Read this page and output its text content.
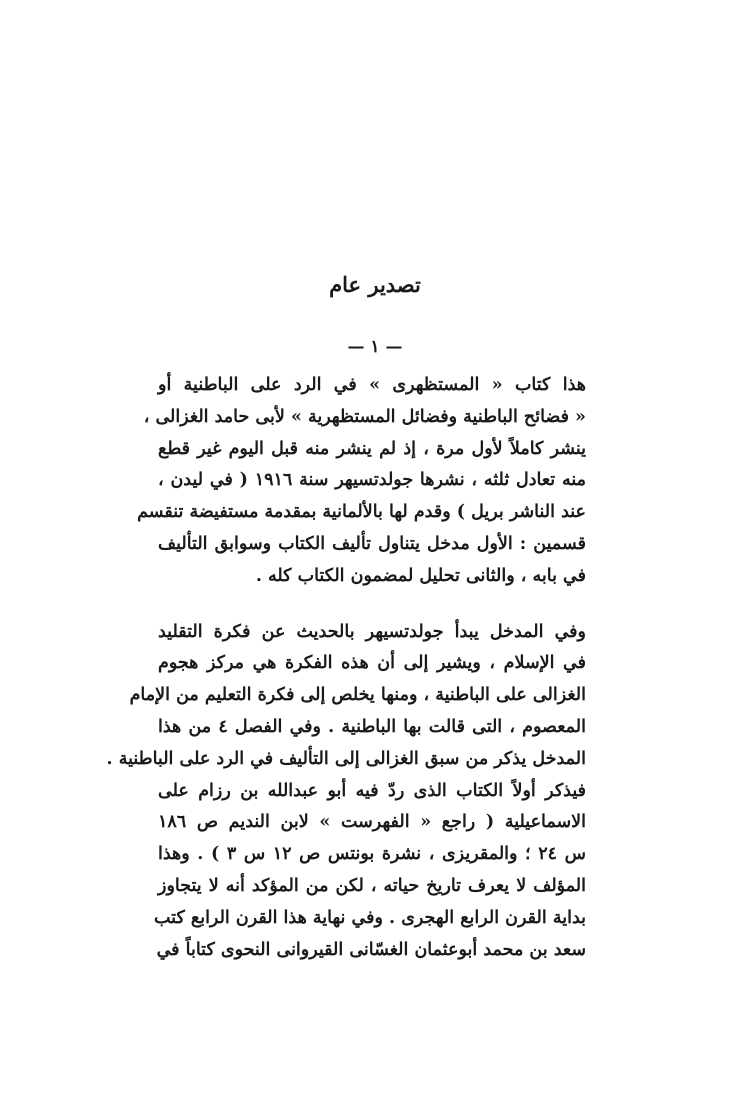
تصدير عام
— ١ —
هذا كتاب « المستظهرى » في الرد على الباطنية أو
« فضائح الباطنية وفضائل المستظهرية » لأبى حامد الغزالى ،
ينشر كاملاً لأول مرة ، إذ لم ينشر منه قبل اليوم غير قطع
منه تعادل ثلثه ، نشرها جولدتسيهر سنة ١٩١٦ ( في ليدن ،
عند الناشر بريل ) وقدم لها بالألمانية بمقدمة مستفيضة تنقسم
قسمين : الأول مدخل يتناول تأليف الكتاب وسوابق التأليف
في بابه ، والثانى تحليل لمضمون الكتاب كله .
وفي المدخل يبدأ جولدتسيهر بالحديث عن فكرة التقليد
في الإسلام ، ويشير إلى أن هذه الفكرة هي مركز هجوم
الغزالى على الباطنية ، ومنها يخلص إلى فكرة التعليم من الإمام
المعصوم ، التى قالت بها الباطنية . وفي الفصل ٤ من هذا
المدخل يذكر من سبق الغزالى إلى التأليف في الرد على الباطنية .
فيذكر أولاً الكتاب الذى ردّ فيه أبو عبدالله بن رزام على
الاسماعيلية ( راجع « الفهرست » لابن النديم ص ١٨٦
س ٢٤ ؛ والمقريزى ، نشرة بونتس ص ١٢ س ٣ ) . وهذا
المؤلف لا يعرف تاريخ حياته ، لكن من المؤكد أنه لا يتجاوز
بداية القرن الرابع الهجرى . وفي نهاية هذا القرن الرابع كتب
سعد بن محمد أبوعثمان الغسّانى القيروانى النحوى كتاباً في
